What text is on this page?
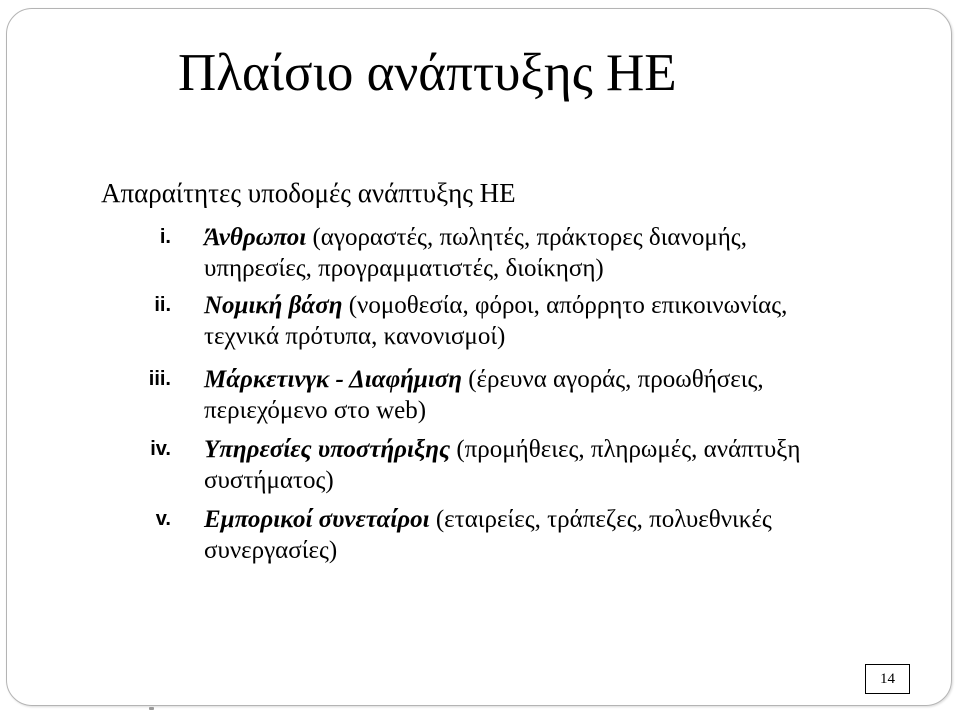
Πλαίσιο ανάπτυξης ΗΕ
Απαραίτητες υποδομές ανάπτυξης ΗΕ
i. Άνθρωποι (αγοραστές, πωλητές, πράκτορες διανομής, υπηρεσίες, προγραμματιστές, διοίκηση)
ii. Νομική βάση (νομοθεσία, φόροι, απόρρητο επικοινωνίας, τεχνικά πρότυπα, κανονισμοί)
iii. Μάρκετινγκ - Διαφήμιση (έρευνα αγοράς, προωθήσεις, περιεχόμενο στο web)
iv. Υπηρεσίες υποστήριξης (προμήθειες, πληρωμές, ανάπτυξη συστήματος)
v. Εμπορικοί συνεταίροι (εταιρείες, τράπεζες, πολυεθνικές συνεργασίες)
14
